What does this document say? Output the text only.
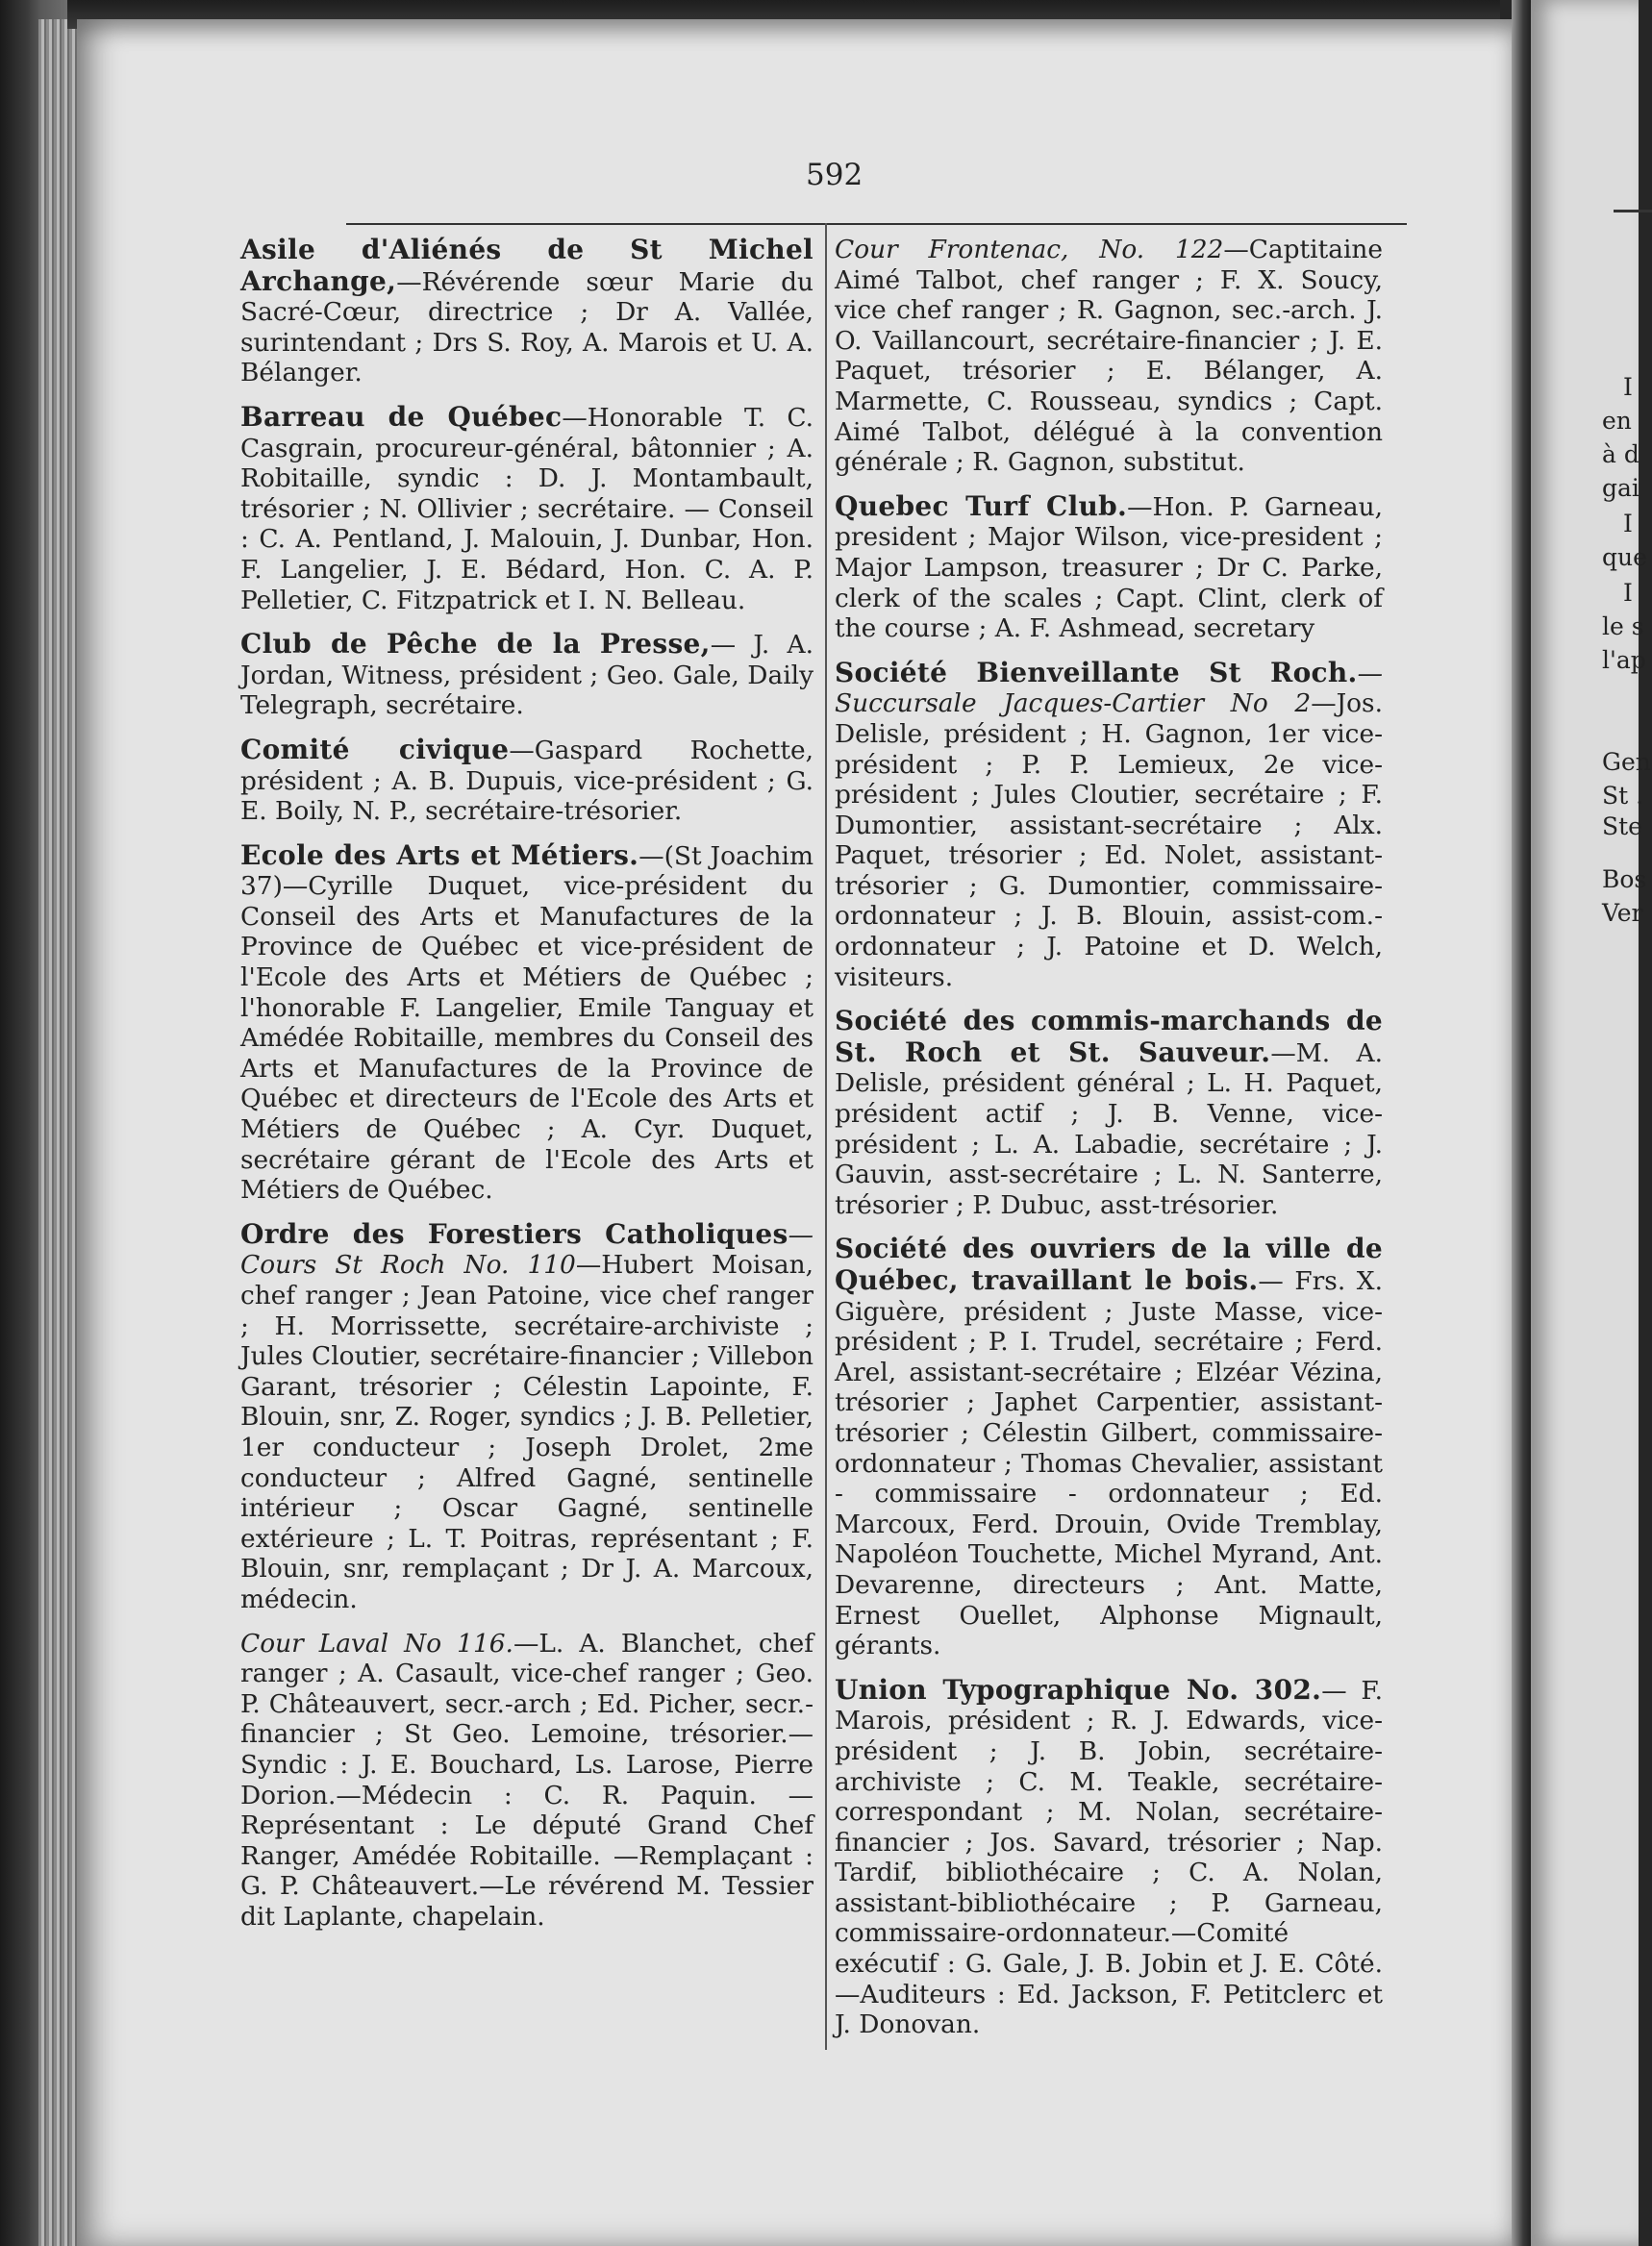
592
Asile d'Aliénés de St Michel Archange,—Révérende sœur Marie du Sacré-Cœur, directrice ; Dr A. Vallée, surintendant ; Drs S. Roy, A. Marois et U. A. Bélanger.
Barreau de Québec—Honorable T. C. Casgrain, procureur-général, bâtonnier ; A. Robitaille, syndic : D. J. Montambault, trésorier ; N. Ollivier ; secrétaire. — Conseil : C. A. Pentland, J. Malouin, J. Dunbar, Hon. F. Langelier, J. E. Bédard, Hon. C. A. P. Pelletier, C. Fitzpatrick et I. N. Belleau.
Club de Pêche de la Presse,— J. A. Jordan, Witness, président ; Geo. Gale, Daily Telegraph, secrétaire.
Comité civique—Gaspard Rochette, président ; A. B. Dupuis, vice-président ; G. E. Boily, N. P., secrétaire-trésorier.
Ecole des Arts et Métiers.—(St Joachim 37)—Cyrille Duquet, vice-président du Conseil des Arts et Manufactures de la Province de Québec et vice-président de l'Ecole des Arts et Métiers de Québec ; l'honorable F. Langelier, Emile Tanguay et Amédée Robitaille, membres du Conseil des Arts et Manufactures de la Province de Québec et directeurs de l'Ecole des Arts et Métiers de Québec ; A. Cyr. Duquet, secrétaire gérant de l'Ecole des Arts et Métiers de Québec.
Ordre des Forestiers Catholiques—Cours St Roch No. 110—Hubert Moisan, chef ranger ; Jean Patoine, vice chef ranger ; H. Morrissette, secrétaire-archiviste ; Jules Cloutier, secrétaire-financier ; Villebon Garant, trésorier ; Célestin Lapointe, F. Blouin, snr, Z. Roger, syndics ; J. B. Pelletier, 1er conducteur ; Joseph Drolet, 2me conducteur ; Alfred Gagné, sentinelle intérieur ; Oscar Gagné, sentinelle extérieure ; L. T. Poitras, représentant ; F. Blouin, snr, remplaçant ; Dr J. A. Marcoux, médecin.
Cour Laval No 116.—L. A. Blanchet, chef ranger ; A. Casault, vice-chef ranger ; Geo. P. Châteauvert, secr.-arch ; Ed. Picher, secr.-financier ; St Geo. Lemoine, trésorier.—Syndic : J. E. Bouchard, Ls. Larose, Pierre Dorion.—Médecin : C. R. Paquin. — Représentant : Le député Grand Chef Ranger, Amédée Robitaille. —Remplaçant : G. P. Châteauvert.—Le révérend M. Tessier dit Laplante, chapelain.
Cour Frontenac, No. 122—Captitaine Aimé Talbot, chef ranger ; F. X. Soucy, vice chef ranger ; R. Gagnon, sec.-arch. J. O. Vaillancourt, secrétaire-financier ; J. E. Paquet, trésorier ; E. Bélanger, A. Marmette, C. Rousseau, syndics ; Capt. Aimé Talbot, délégué à la convention générale ; R. Gagnon, substitut.
Quebec Turf Club.—Hon. P. Garneau, president ; Major Wilson, vice-president ; Major Lampson, treasurer ; Dr C. Parke, clerk of the scales ; Capt. Clint, clerk of the course ; A. F. Ashmead, secretary
Société Bienveillante St Roch.— Succursale Jacques-Cartier No 2—Jos. Delisle, président ; H. Gagnon, 1er vice-président ; P. P. Lemieux, 2e vice-président ; Jules Cloutier, secrétaire ; F. Dumontier, assistant-secrétaire ; Alx. Paquet, trésorier ; Ed. Nolet, assistant-trésorier ; G. Dumontier, commissaire-ordonnateur ; J. B. Blouin, assist-com.-ordonnateur ; J. Patoine et D. Welch, visiteurs.
Société des commis-marchands de St. Roch et St. Sauveur.—M. A. Delisle, président général ; L. H. Paquet, président actif ; J. B. Venne, vice-président ; L. A. Labadie, secrétaire ; J. Gauvin, asst-secrétaire ; L. N. Santerre, trésorier ; P. Dubuc, asst-trésorier.
Société des ouvriers de la ville de Québec, travaillant le bois.— Frs. X. Giguère, président ; Juste Masse, vice-président ; P. I. Trudel, secrétaire ; Ferd. Arel, assistant-secrétaire ; Elzéar Vézina, trésorier ; Japhet Carpentier, assistant-trésorier ; Célestin Gilbert, commissaire-ordonnateur ; Thomas Chevalier, assistant - commissaire - ordonnateur ; Ed. Marcoux, Ferd. Drouin, Ovide Tremblay, Napoléon Touchette, Michel Myrand, Ant. Devarenne, directeurs ; Ant. Matte, Ernest Ouellet, Alphonse Mignault, gérants.
Union Typographique No. 302.— F. Marois, président ; R. J. Edwards, vice-président ; J. B. Jobin, secrétaire-archiviste ; C. M. Teakle, secrétaire-correspondant ; M. Nolan, secrétaire-financier ; Jos. Savard, trésorier ; Nap. Tardif, bibliothécaire ; C. A. Nolan, assistant-bibliothécaire ; P. Garneau, commissaire-ordonnateur.—Comité exécutif : G. Gale, J. B. Jobin et J. E. Côté.—Auditeurs : Ed. Jackson, F. Petitclerc et J. Donovan.
I
en
à d
gai
I
que
I
le s
l'ap
Gen
St .
Ste
Bos
Ver
